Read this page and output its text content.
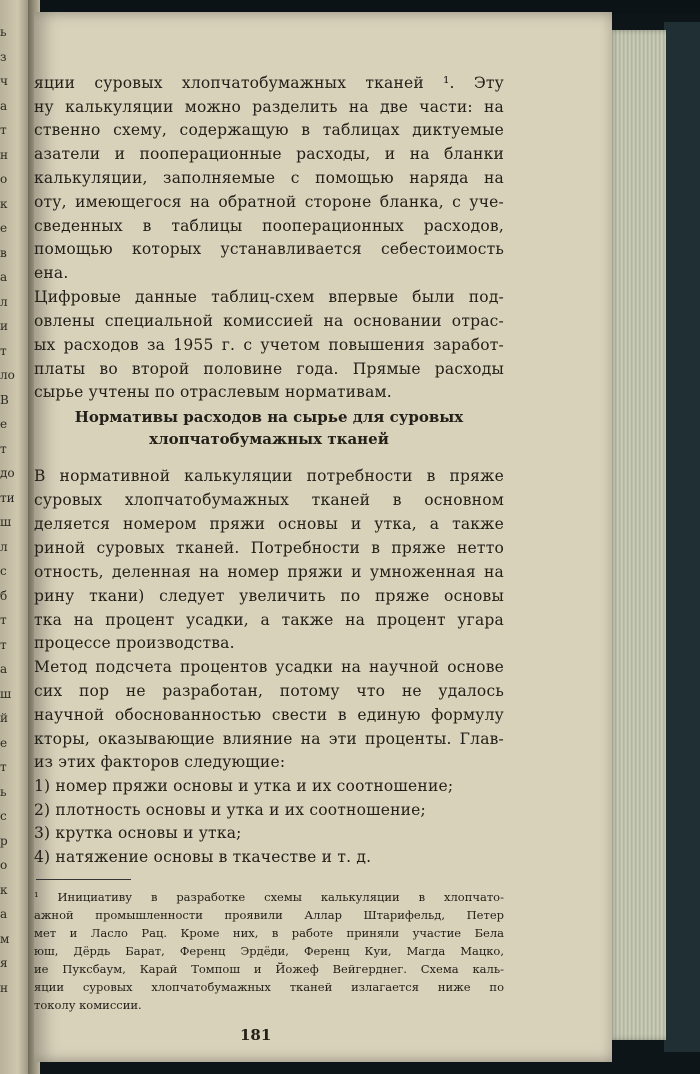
ь
з
ч
а
т
н
о
к
е
в
а
л
и
т
ло
В
е
т
до
ти
ш
л
с
б
т
т
а
ш
й
е
т
ь
с
р
о
к
а
м
я
н
яции суровых хлопчатобумажных тканей ¹. Эту
ну калькуляции можно разделить на две части: на
ственно схему, содержащую в таблицах диктуемые
азатели и пооперационные расходы, и на бланки
калькуляции, заполняемые с помощью наряда на
оту, имеющегося на обратной стороне бланка, с уче-
сведенных в таблицы пооперационных расходов,
помощью которых устанавливается себестоимость
ена.
Цифровые данные таблиц-схем впервые были под-
овлены специальной комиссией на основании отрас-
ых расходов за 1955 г. с учетом повышения заработ-
платы во второй половине года. Прямые расходы
сырье учтены по отраслевым нормативам.
Нормативы расходов на сырье для суровых
хлопчатобумажных тканей
В нормативной калькуляции потребности в пряже
суровых хлопчатобумажных тканей в основном
деляется номером пряжи основы и утка, а также
риной суровых тканей. Потребности в пряже нетто
отность, деленная на номер пряжи и умноженная на
рину ткани) следует увеличить по пряже основы
тка на процент усадки, а также на процент угара
процессе производства.
Метод подсчета процентов усадки на научной основе
сих пор не разработан, потому что не удалось
научной обоснованностью свести в единую формулу
кторы, оказывающие влияние на эти проценты. Глав-
из этих факторов следующие:
1) номер пряжи основы и утка и их соотношение;
2) плотность основы и утка и их соотношение;
3) крутка основы и утка;
4) натяжение основы в ткачестве и т. д.
¹ Инициативу в разработке схемы калькуляции в хлопчато-
ажной промышленности проявили Аллар Штарифельд, Петер
мет и Ласло Рац. Кроме них, в работе приняли участие Бела
юш, Дёрдь Барат, Ференц Эрдёди, Ференц Куи, Магда Мацко,
ие Пуксбаум, Карай Томпош и Йожеф Вейгерднег. Схема каль-
яции суровых хлопчатобумажных тканей излагается ниже по
токолу комиссии.
181
